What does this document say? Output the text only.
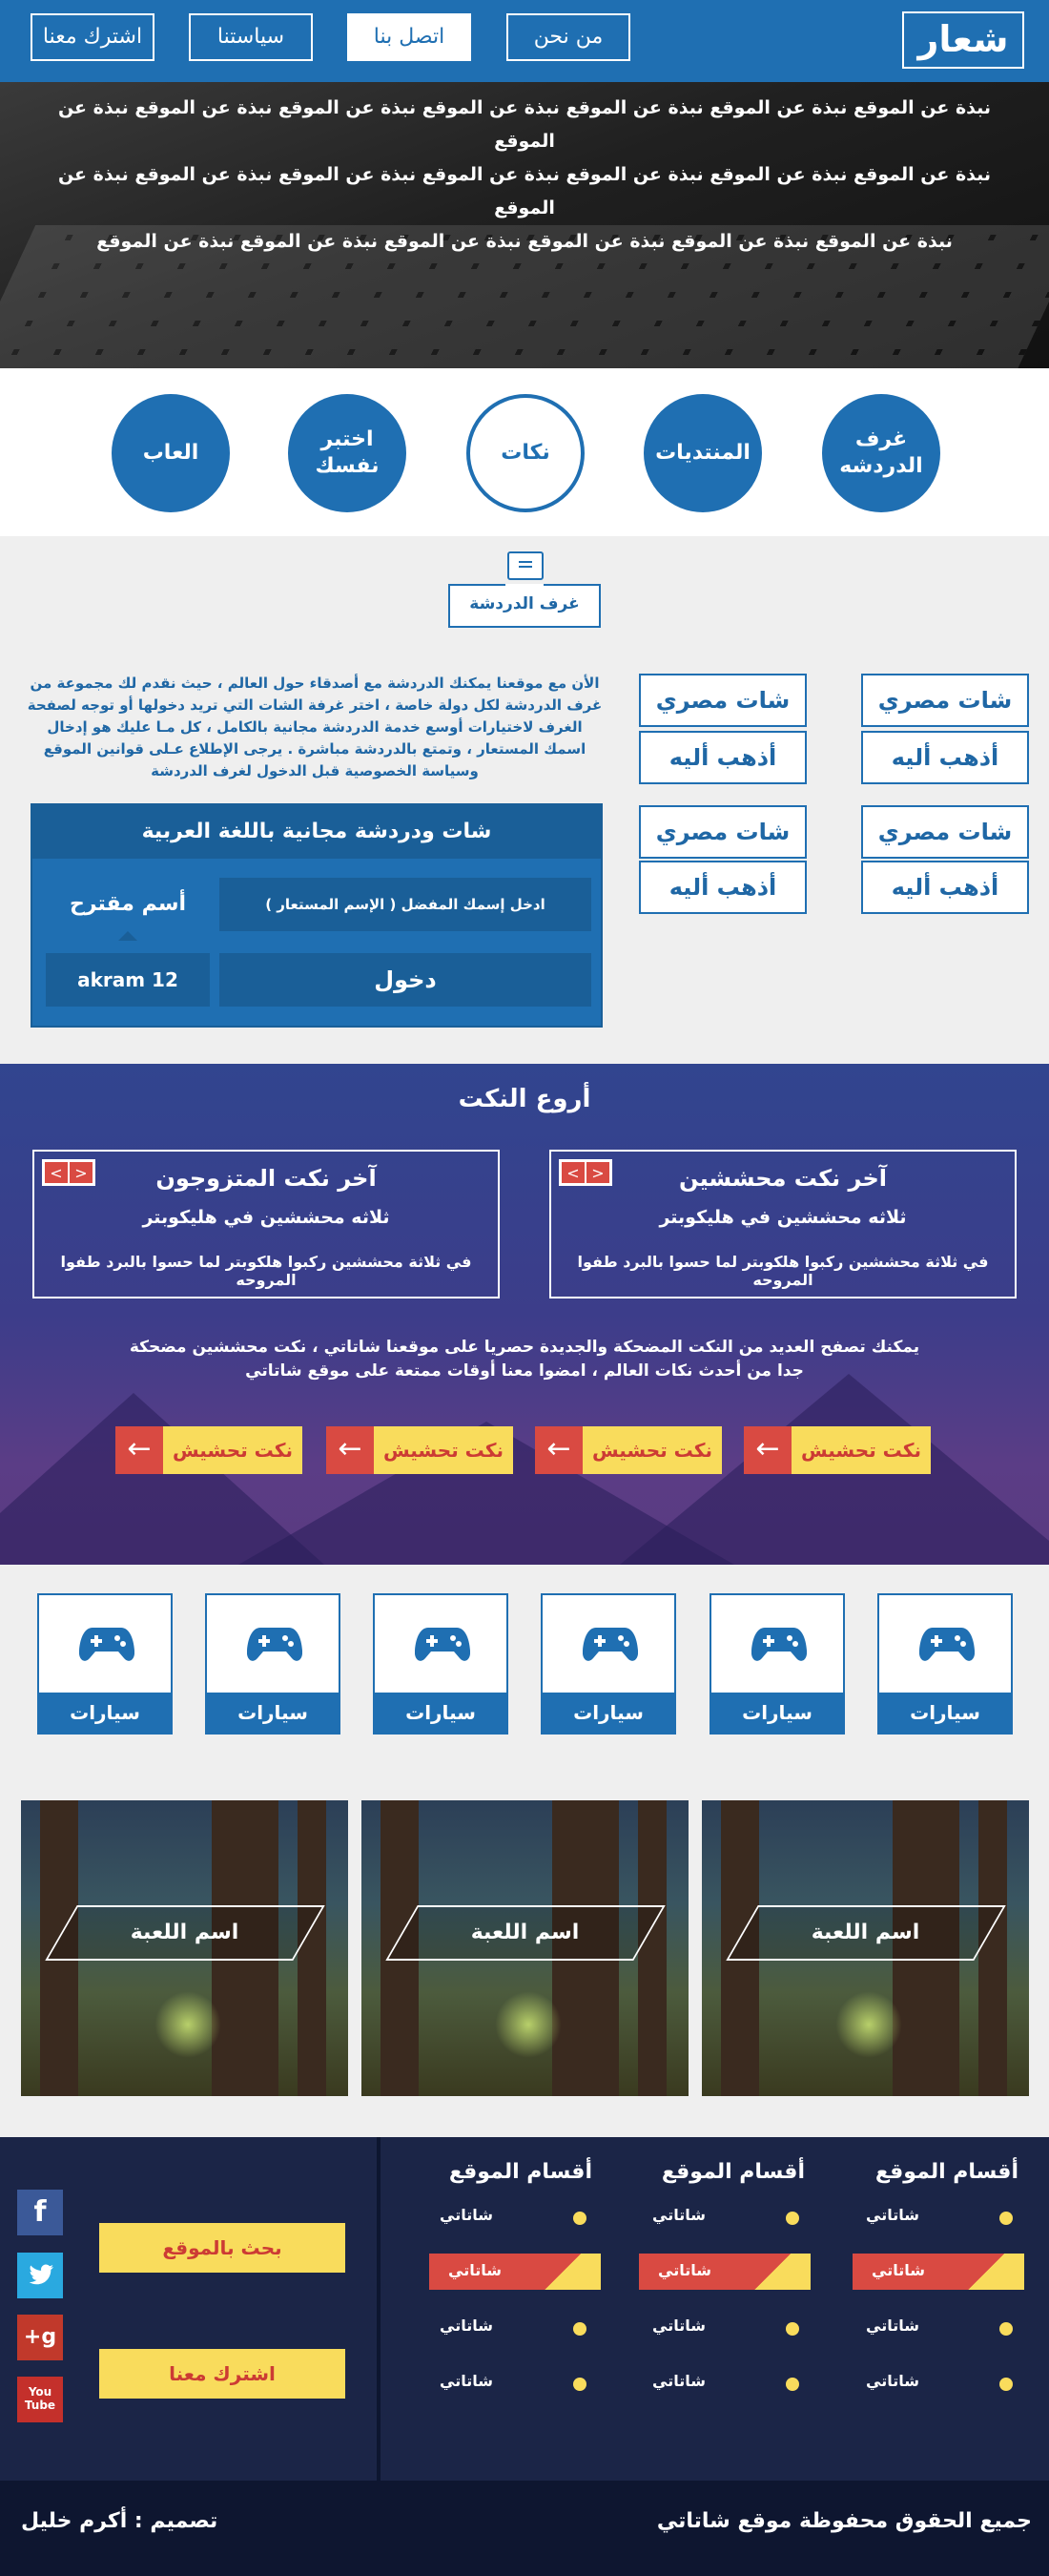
شعار
من نحن
اتصل بنا
سياستنا
اشترك معنا
نبذة عن الموقع نبذة عن الموقع نبذة عن الموقع نبذة عن الموقع نبذة عن الموقع نبذة عن الموقع نبذة عن الموقع
نبذة عن الموقع نبذة عن الموقع نبذة عن الموقع نبذة عن الموقع نبذة عن الموقع نبذة عن الموقع نبذة عن الموقع
نبذة عن الموقع نبذة عن الموقع نبذة عن الموقع نبذة عن الموقع نبذة عن الموقع نبذة عن الموقع
غرف الدردشه
المنتديات
نكات
اختبر نفسك
العاب
غرف الدردشة
شات مصري
أذهب أليه
شات مصري
أذهب أليه
شات مصري
أذهب أليه
شات مصري
أذهب أليه
الأن مع موقعنا يمكنك الدردشة مع أصدقاء حول العالم ، حيث نقدم لك مجموعة من
غرف الدردشة لكل دولة خاصة ، اختر غرفة الشات التي تريد دخولها أو توجه لصفحة
الغرف لاختيارات أوسع خدمة الدردشة مجانية بالكامل ، كل مـا عليك هو إدخال
اسمك المستعار ، وتمتع بالدردشة مباشرة . يرجى الإطلاع عـلى قوانين الموقع
وسياسة الخصوصية قبل الدخول لغرف الدردشة
شات ودردشة مجانية باللغة العربية
ادخل إسمك المفضل ( الإسم المستعار )
أسم مقترح
دخول
akram 12
أروع النكت
<
>	آخر نكت محششين
ثلاثه محششين في هليكوبتر
في ثلاثة محششين ركبوا هلكوبتر لما حسوا بالبرد طفوا المروحه
<
>	آخر نكت المتزوجون
ثلاثه محششين في هليكوبتر
في ثلاثة محششين ركبوا هلكوبتر لما حسوا بالبرد طفوا المروحه
يمكنك تصفح العديد من النكت المضحكة والجديدة حصريا على موقعنا شاتاتي ، نكت محششين مضحكة
جدا من أحدث نكات العالم ، امضوا معنا أوقات ممتعة على موقع شاتاتي
نكت تحشيش
←
نكت تحشيش
←
نكت تحشيش
←
نكت تحشيش
←
سيارات
سيارات
سيارات
سيارات
سيارات
سيارات
اسم اللعبة
اسم اللعبة
اسم اللعبة
أقسام الموقع
أقسام الموقع
أقسام الموقع
شاتاتي
شاتاتي
شاتاتي
شاتاتي
شاتاتي
شاتاتي
شاتاتي
شاتاتي
شاتاتي
شاتاتي
شاتاتي
شاتاتي
بحث بالموقع
اشترك معنا
f
g+
You Tube
جميع الحقوق محفوظة موقع شاتاتي
تصميم : أكرم خليل
